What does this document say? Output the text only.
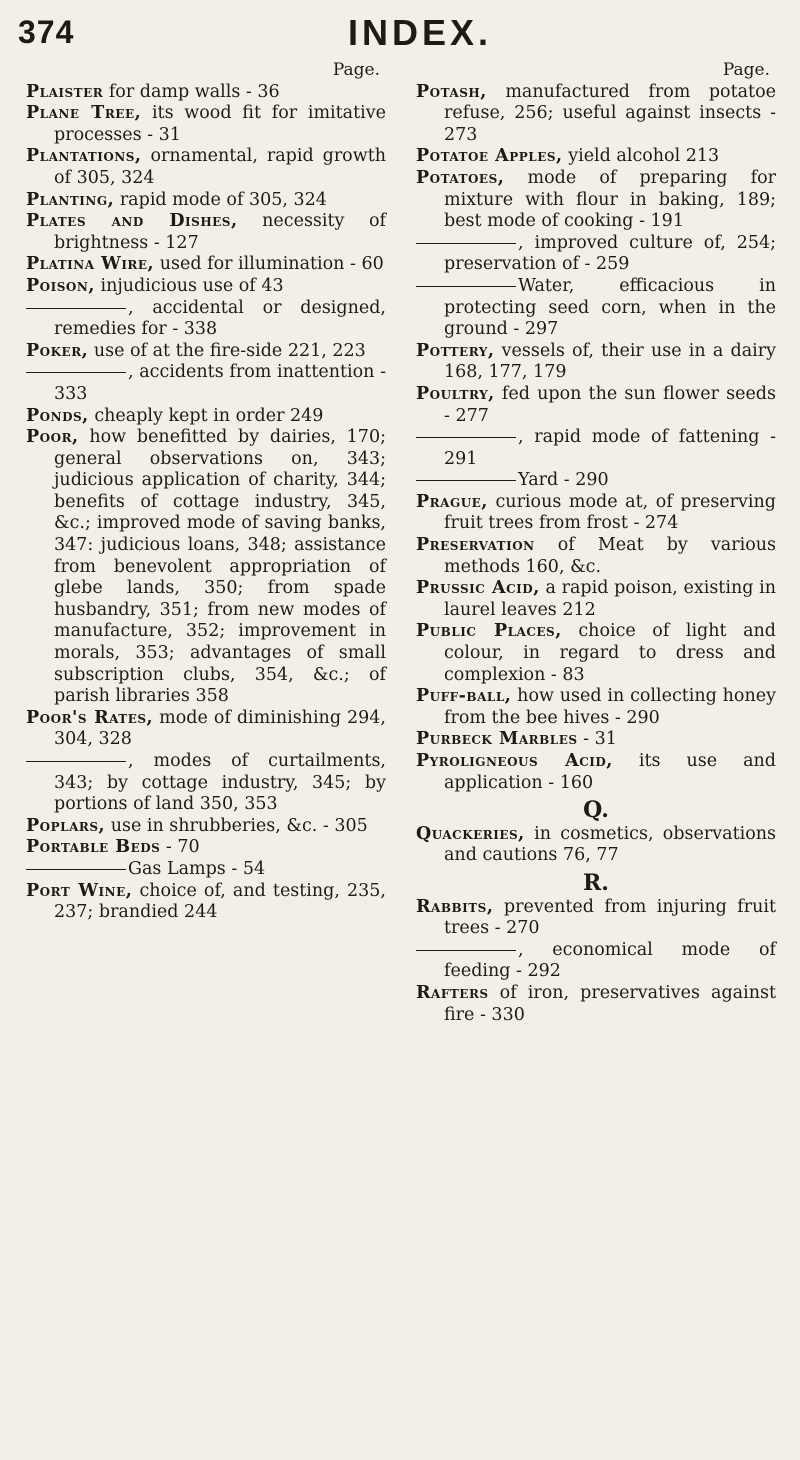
374	INDEX.
Page.
Plaister for damp walls - 36
Plane Tree, its wood fit for imitative processes - 31
Plantations, ornamental, rapid growth of 305, 324
Planting, rapid mode of 305, 324
Plates and Dishes, necessity of brightness - 127
Platina Wire, used for illumination - 60
Poison, injudicious use of 43
, accidental or designed, remedies for - 338
Poker, use of at the fire-side 221, 223
, accidents from inattention - 333
Ponds, cheaply kept in order 249
Poor, how benefitted by dairies, 170; general observations on, 343; judicious application of charity, 344; benefits of cottage industry, 345, &c.; improved mode of saving banks, 347: judicious loans, 348; assistance from benevolent appropriation of glebe lands, 350; from spade husbandry, 351; from new modes of manufacture, 352; improvement in morals, 353; advantages of small subscription clubs, 354, &c.; of parish libraries 358
Poor's Rates, mode of diminishing 294, 304, 328
, modes of curtailments, 343; by cottage industry, 345; by portions of land 350, 353
Poplars, use in shrubberies, &c. - 305
Portable Beds - 70
Gas Lamps - 54
Port Wine, choice of, and testing, 235, 237; brandied 244
Page.
Potash, manufactured from potatoe refuse, 256; useful against insects - 273
Potatoe Apples, yield alcohol 213
Potatoes, mode of preparing for mixture with flour in baking, 189; best mode of cooking - 191
, improved culture of, 254; preservation of - 259
Water, efficacious in protecting seed corn, when in the ground - 297
Pottery, vessels of, their use in a dairy 168, 177, 179
Poultry, fed upon the sun flower seeds - 277
, rapid mode of fattening - 291
Yard - 290
Prague, curious mode at, of preserving fruit trees from frost - 274
Preservation of Meat by various methods 160, &c.
Prussic Acid, a rapid poison, existing in laurel leaves 212
Public Places, choice of light and colour, in regard to dress and complexion - 83
Puff-ball, how used in collecting honey from the bee hives - 290
Purbeck Marbles - 31
Pyroligneous Acid, its use and application - 160
Q.
Quackeries, in cosmetics, observations and cautions 76, 77
R.
Rabbits, prevented from injuring fruit trees - 270
, economical mode of feeding - 292
Rafters of iron, preservatives against fire - 330
